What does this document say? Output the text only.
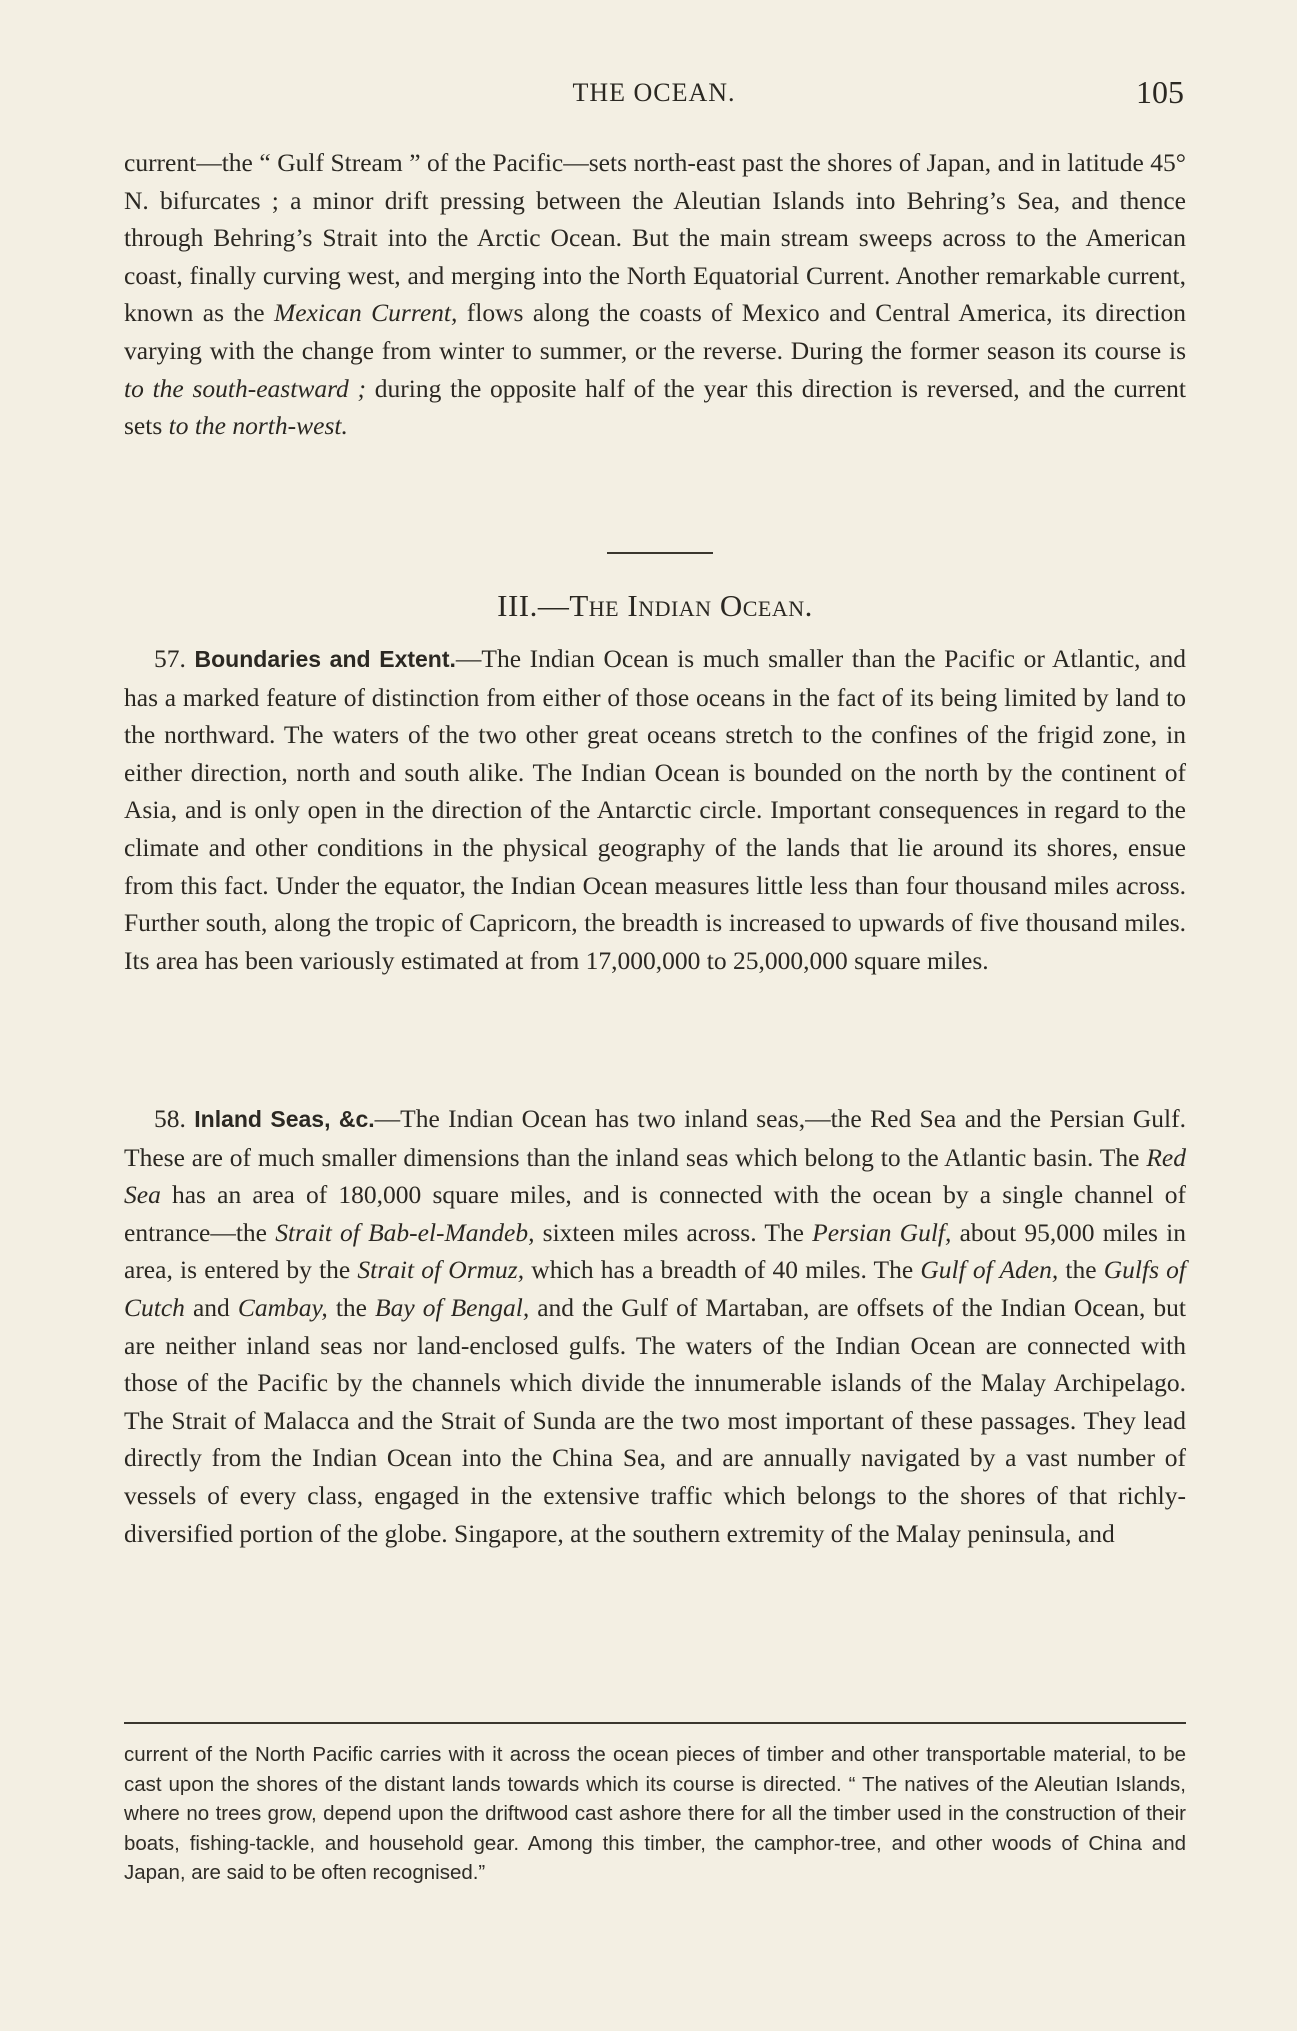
THE OCEAN.	105

current—the “ Gulf Stream ” of the Pacific—sets north-east past the shores of Japan, and in latitude 45° N. bifurcates ; a minor drift pressing between the Aleutian Islands into Behring’s Sea, and thence through Behring’s Strait into the Arctic Ocean. But the main stream sweeps across to the American coast, finally curving west, and merging into the North Equatorial Current. Another remarkable current, known as the Mexican Current, flows along the coasts of Mexico and Central America, its direction varying with the change from winter to summer, or the reverse. During the former season its course is to the south-eastward ; during the opposite half of the year this direction is reversed, and the current sets to the north-west.

III.—The Indian Ocean.

57. Boundaries and Extent.—The Indian Ocean is much smaller than the Pacific or Atlantic, and has a marked feature of distinction from either of those oceans in the fact of its being limited by land to the northward. The waters of the two other great oceans stretch to the confines of the frigid zone, in either direction, north and south alike. The Indian Ocean is bounded on the north by the continent of Asia, and is only open in the direction of the Antarctic circle. Important consequences in regard to the climate and other conditions in the physical geography of the lands that lie around its shores, ensue from this fact. Under the equator, the Indian Ocean measures little less than four thousand miles across. Further south, along the tropic of Capricorn, the breadth is increased to upwards of five thousand miles. Its area has been variously estimated at from 17,000,000 to 25,000,000 square miles.

58. Inland Seas, &c.—The Indian Ocean has two inland seas,—the Red Sea and the Persian Gulf. These are of much smaller dimensions than the inland seas which belong to the Atlantic basin. The Red Sea has an area of 180,000 square miles, and is connected with the ocean by a single channel of entrance—the Strait of Bab-el-Mandeb, sixteen miles across. The Persian Gulf, about 95,000 miles in area, is entered by the Strait of Ormuz, which has a breadth of 40 miles. The Gulf of Aden, the Gulfs of Cutch and Cambay, the Bay of Bengal, and the Gulf of Martaban, are offsets of the Indian Ocean, but are neither inland seas nor land-enclosed gulfs. The waters of the Indian Ocean are connected with those of the Pacific by the channels which divide the innumerable islands of the Malay Archipelago. The Strait of Malacca and the Strait of Sunda are the two most important of these passages. They lead directly from the Indian Ocean into the China Sea, and are annually navigated by a vast number of vessels of every class, engaged in the extensive traffic which belongs to the shores of that richly-diversified portion of the globe. Singapore, at the southern extremity of the Malay peninsula, and

current of the North Pacific carries with it across the ocean pieces of timber and other transportable material, to be cast upon the shores of the distant lands towards which its course is directed. “ The natives of the Aleutian Islands, where no trees grow, depend upon the driftwood cast ashore there for all the timber used in the construction of their boats, fishing-tackle, and household gear. Among this timber, the camphor-tree, and other woods of China and Japan, are said to be often recognised.”
